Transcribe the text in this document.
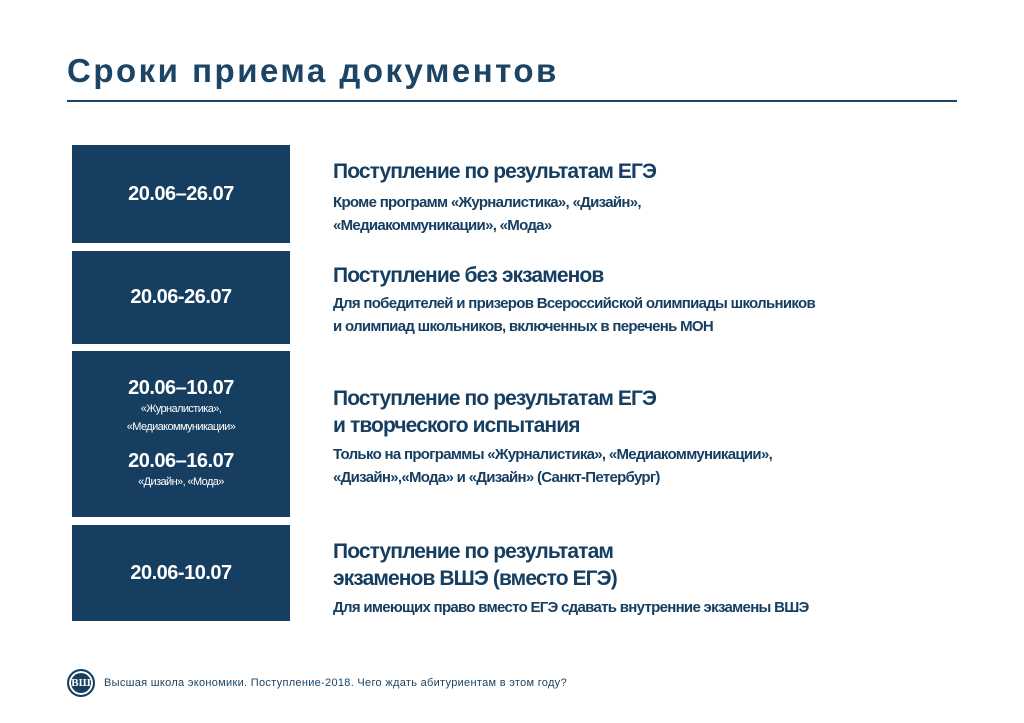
Сроки приема документов
20.06–26.07
Поступление по результатам ЕГЭ
Кроме программ «Журналистика», «Дизайн»,
«Медиакоммуникации», «Мода»
20.06-26.07
Поступление без экзаменов
Для победителей и призеров Всероссийской олимпиады школьников
и олимпиад школьников, включенных в перечень МОН
20.06–10.07
«Журналистика»,
«Медиакоммуникации»
20.06–16.07
«Дизайн», «Мода»
Поступление по результатам ЕГЭ
и творческого испытания
Только на программы «Журналистика», «Медиакоммуникации»,
«Дизайн»,«Мода» и «Дизайн» (Санкт-Петербург)
20.06-10.07
Поступление по результатам
экзаменов ВШЭ (вместо ЕГЭ)
Для имеющих право вместо ЕГЭ сдавать внутренние экзамены ВШЭ
ВШ	Высшая школа экономики. Поступление-2018. Чего ждать абитуриентам в этом году?
